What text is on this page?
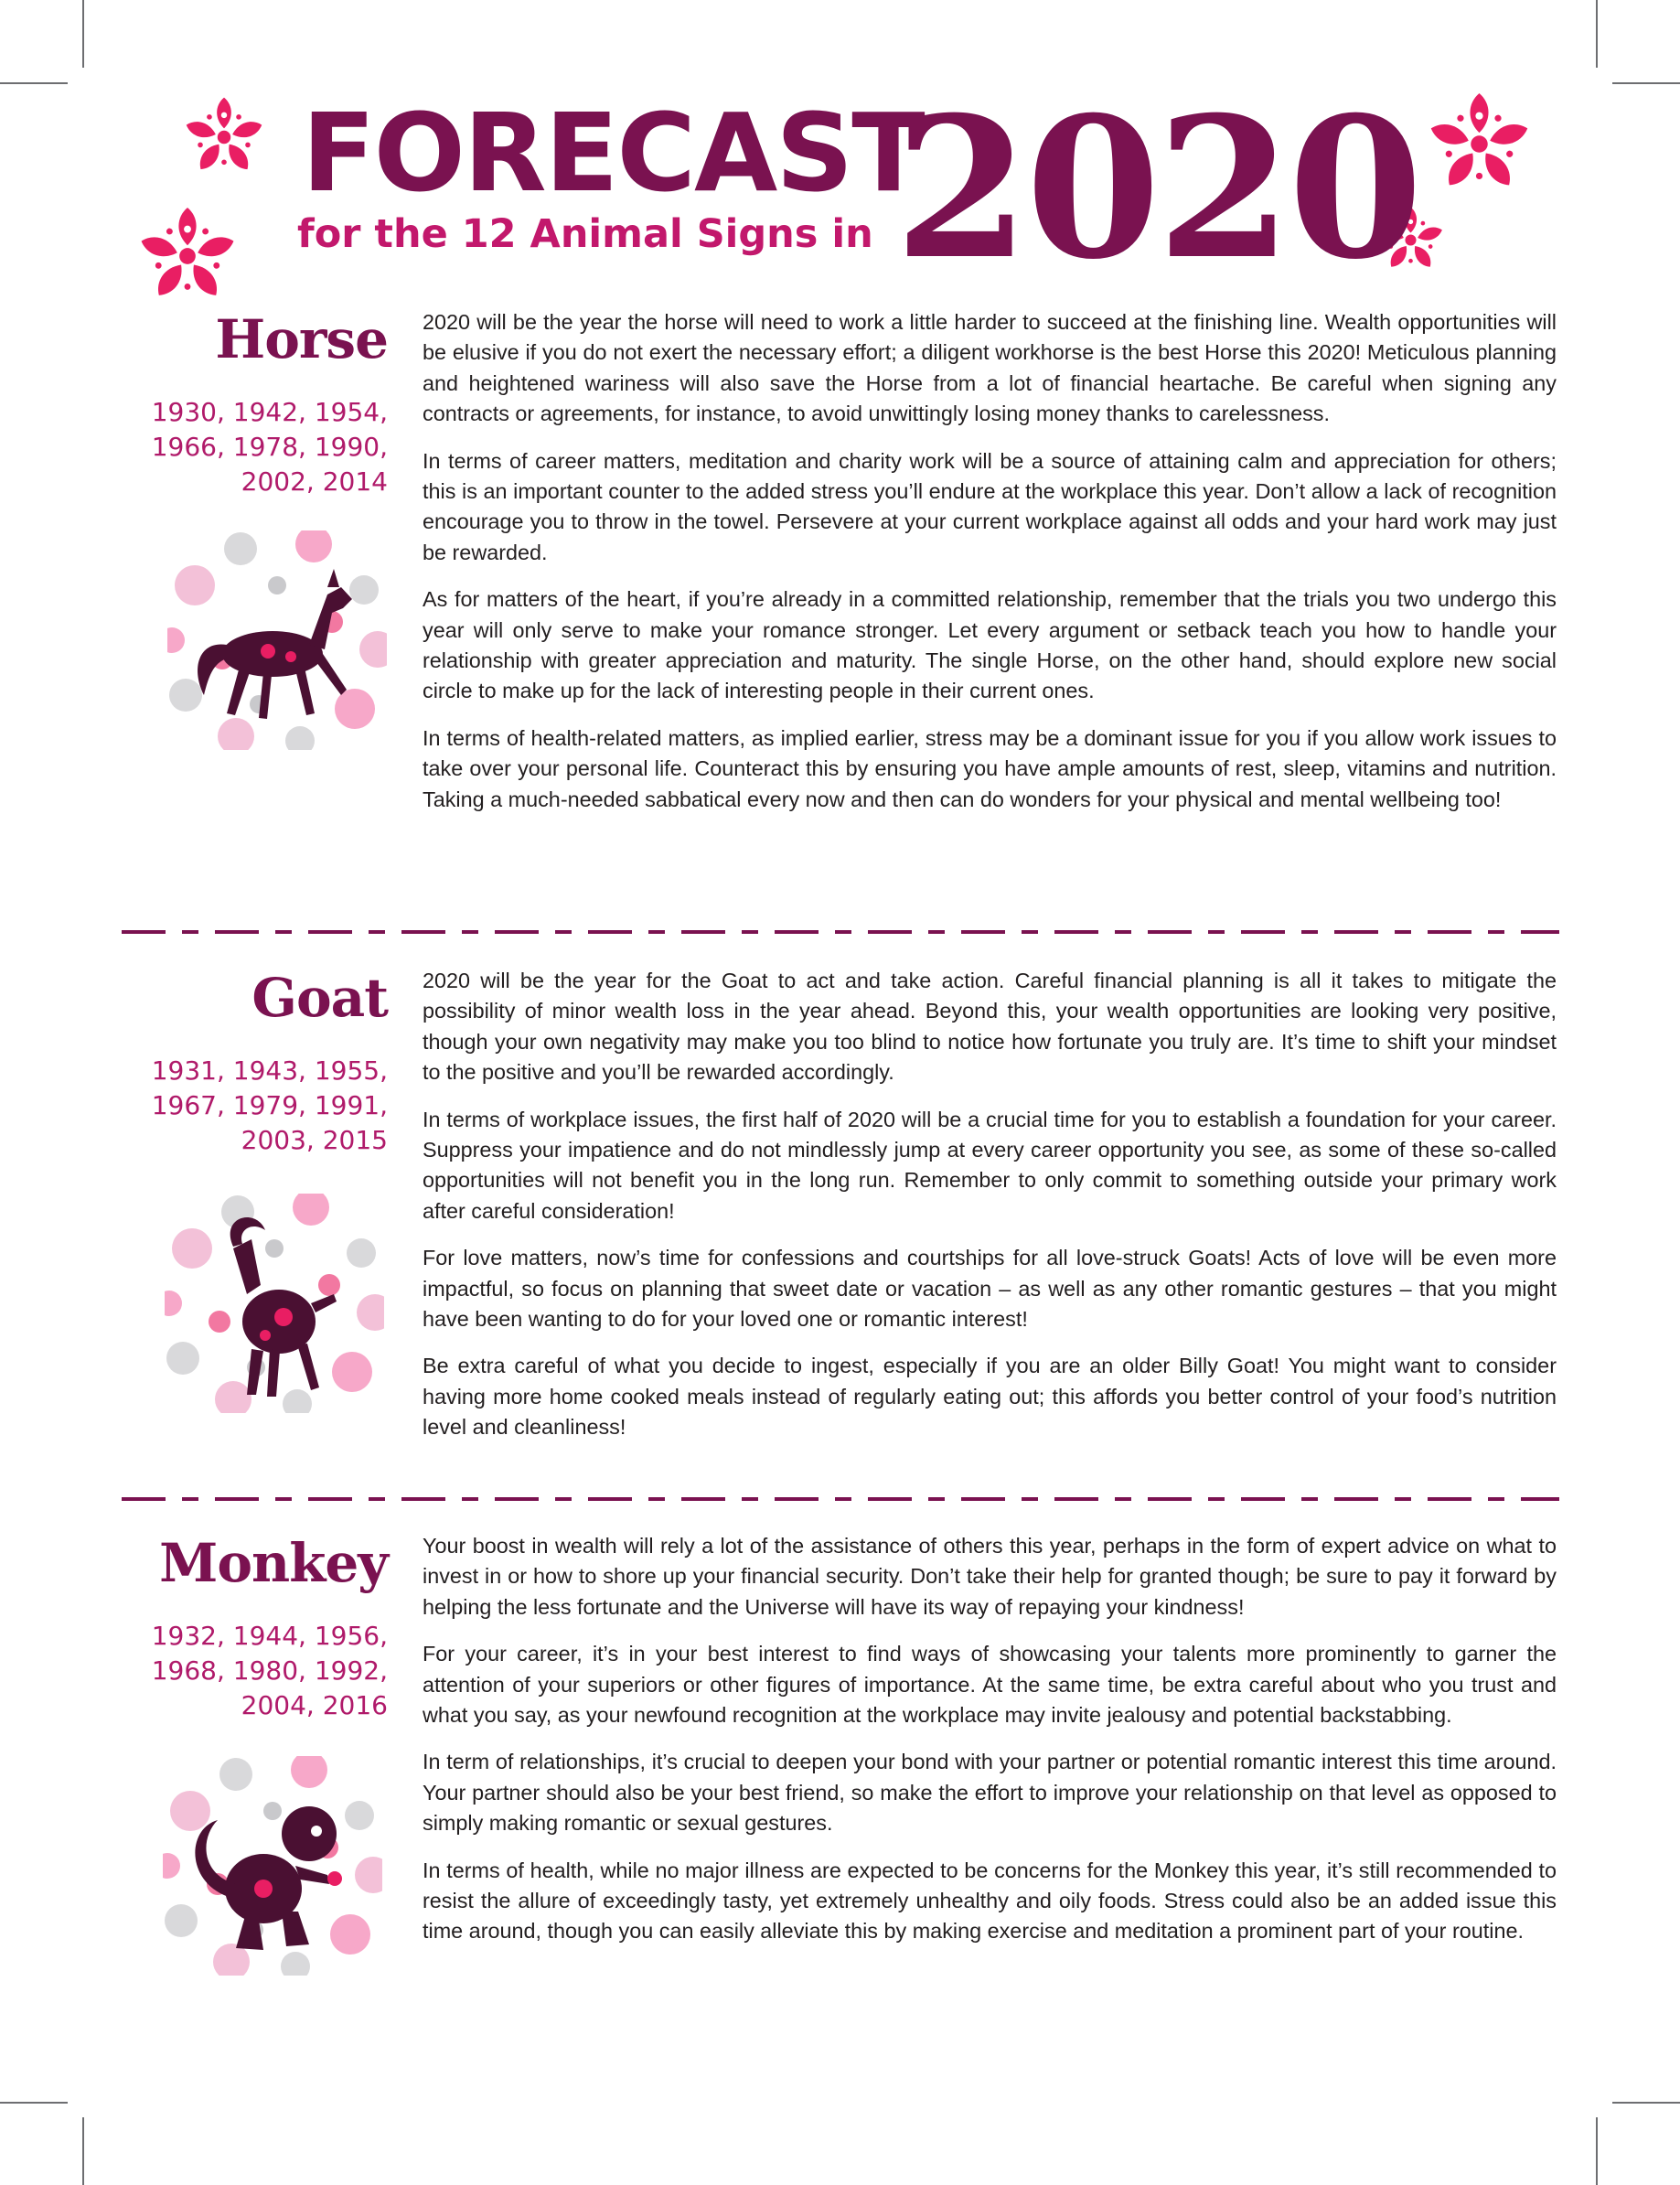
FORECAST
for the 12 Animal Signs in 2020
Horse
1930, 1942, 1954,
1966, 1978, 1990,
2002, 2014

2020 will be the year the horse will need to work a little harder to succeed at the finishing line. Wealth opportunities will be elusive if you do not exert the necessary effort; a diligent workhorse is the best Horse this 2020! Meticulous planning and heightened wariness will also save the Horse from a lot of financial heartache. Be careful when signing any contracts or agreements, for instance, to avoid unwittingly losing money thanks to carelessness.

In terms of career matters, meditation and charity work will be a source of attaining calm and appreciation for others; this is an important counter to the added stress you’ll endure at the workplace this year. Don’t allow a lack of recognition encourage you to throw in the towel. Persevere at your current workplace against all odds and your hard work may just be rewarded.

As for matters of the heart, if you’re already in a committed relationship, remember that the trials you two undergo this year will only serve to make your romance stronger. Let every argument or setback teach you how to handle your relationship with greater appreciation and maturity. The single Horse, on the other hand, should explore new social circle to make up for the lack of interesting people in their current ones.

In terms of health-related matters, as implied earlier, stress may be a dominant issue for you if you allow work issues to take over your personal life. Counteract this by ensuring you have ample amounts of rest, sleep, vitamins and nutrition. Taking a much-needed sabbatical every now and then can do wonders for your physical and mental wellbeing too!

Goat
1931, 1943, 1955,
1967, 1979, 1991,
2003, 2015

2020 will be the year for the Goat to act and take action. Careful financial planning is all it takes to mitigate the possibility of minor wealth loss in the year ahead. Beyond this, your wealth opportunities are looking very positive, though your own negativity may make you too blind to notice how fortunate you truly are. It’s time to shift your mindset to the positive and you’ll be rewarded accordingly.

In terms of workplace issues, the first half of 2020 will be a crucial time for you to establish a foundation for your career. Suppress your impatience and do not mindlessly jump at every career opportunity you see, as some of these so-called opportunities will not benefit you in the long run. Remember to only commit to something outside your primary work after careful consideration!

For love matters, now’s time for confessions and courtships for all love-struck Goats! Acts of love will be even more impactful, so focus on planning that sweet date or vacation – as well as any other romantic gestures – that you might have been wanting to do for your loved one or romantic interest!

Be extra careful of what you decide to ingest, especially if you are an older Billy Goat! You might want to consider having more home cooked meals instead of regularly eating out; this affords you better control of your food’s nutrition level and cleanliness!

Monkey
1932, 1944, 1956,
1968, 1980, 1992,
2004, 2016

Your boost in wealth will rely a lot of the assistance of others this year, perhaps in the form of expert advice on what to invest in or how to shore up your financial security. Don’t take their help for granted though; be sure to pay it forward by helping the less fortunate and the Universe will have its way of repaying your kindness!

For your career, it’s in your best interest to find ways of showcasing your talents more prominently to garner the attention of your superiors or other figures of importance. At the same time, be extra careful about who you trust and what you say, as your newfound recognition at the workplace may invite jealousy and potential backstabbing.

In term of relationships, it’s crucial to deepen your bond with your partner or potential romantic interest this time around. Your partner should also be your best friend, so make the effort to improve your relationship on that level as opposed to simply making romantic or sexual gestures.

In terms of health, while no major illness are expected to be concerns for the Monkey this year, it’s still recommended to resist the allure of exceedingly tasty, yet extremely unhealthy and oily foods. Stress could also be an added issue this time around, though you can easily alleviate this by making exercise and meditation a prominent part of your routine.
